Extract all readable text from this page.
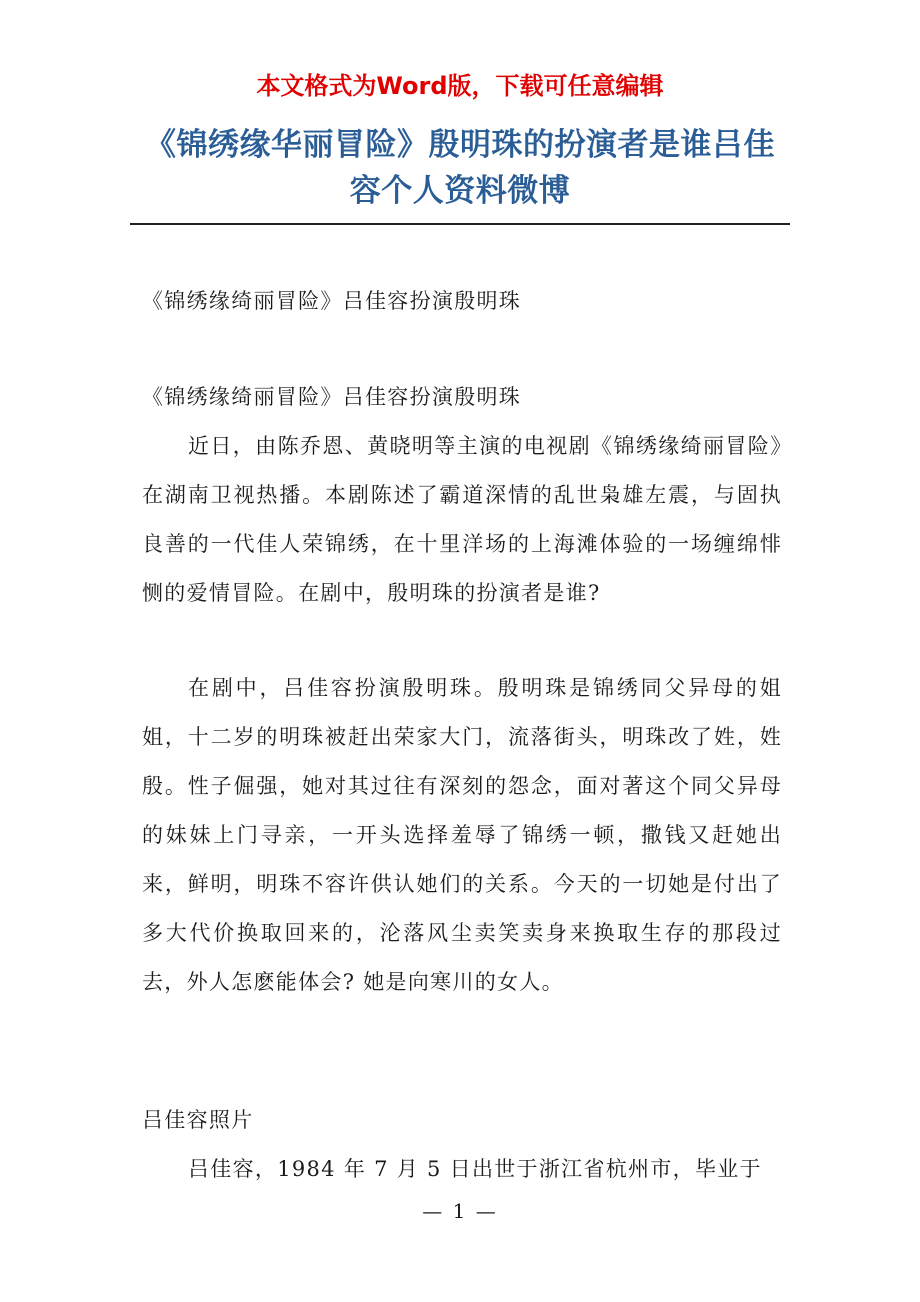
本文格式为Word版，下载可任意编辑
《锦绣缘华丽冒险》殷明珠的扮演者是谁吕佳容个人资料微博
《锦绣缘绮丽冒险》吕佳容扮演殷明珠
《锦绣缘绮丽冒险》吕佳容扮演殷明珠
近日，由陈乔恩、黄晓明等主演的电视剧《锦绣缘绮丽冒险》在湖南卫视热播。本剧陈述了霸道深情的乱世枭雄左震，与固执良善的一代佳人荣锦绣，在十里洋场的上海滩体验的一场缠绵悱恻的爱情冒险。在剧中，殷明珠的扮演者是谁?
在剧中，吕佳容扮演殷明珠。殷明珠是锦绣同父异母的姐姐，十二岁的明珠被赶出荣家大门，流落街头，明珠改了姓，姓殷。性子倔强，她对其过往有深刻的怨念，面对著这个同父异母的妹妹上门寻亲，一开头选择羞辱了锦绣一顿，撒钱又赶她出来，鲜明，明珠不容许供认她们的关系。今天的一切她是付出了多大代价换取回来的，沦落风尘卖笑卖身来换取生存的那段过去，外人怎麽能体会? 她是向寒川的女人。
吕佳容照片
吕佳容，1984 年 7 月 5 日出世于浙江省杭州市，毕业于
— 1 —
